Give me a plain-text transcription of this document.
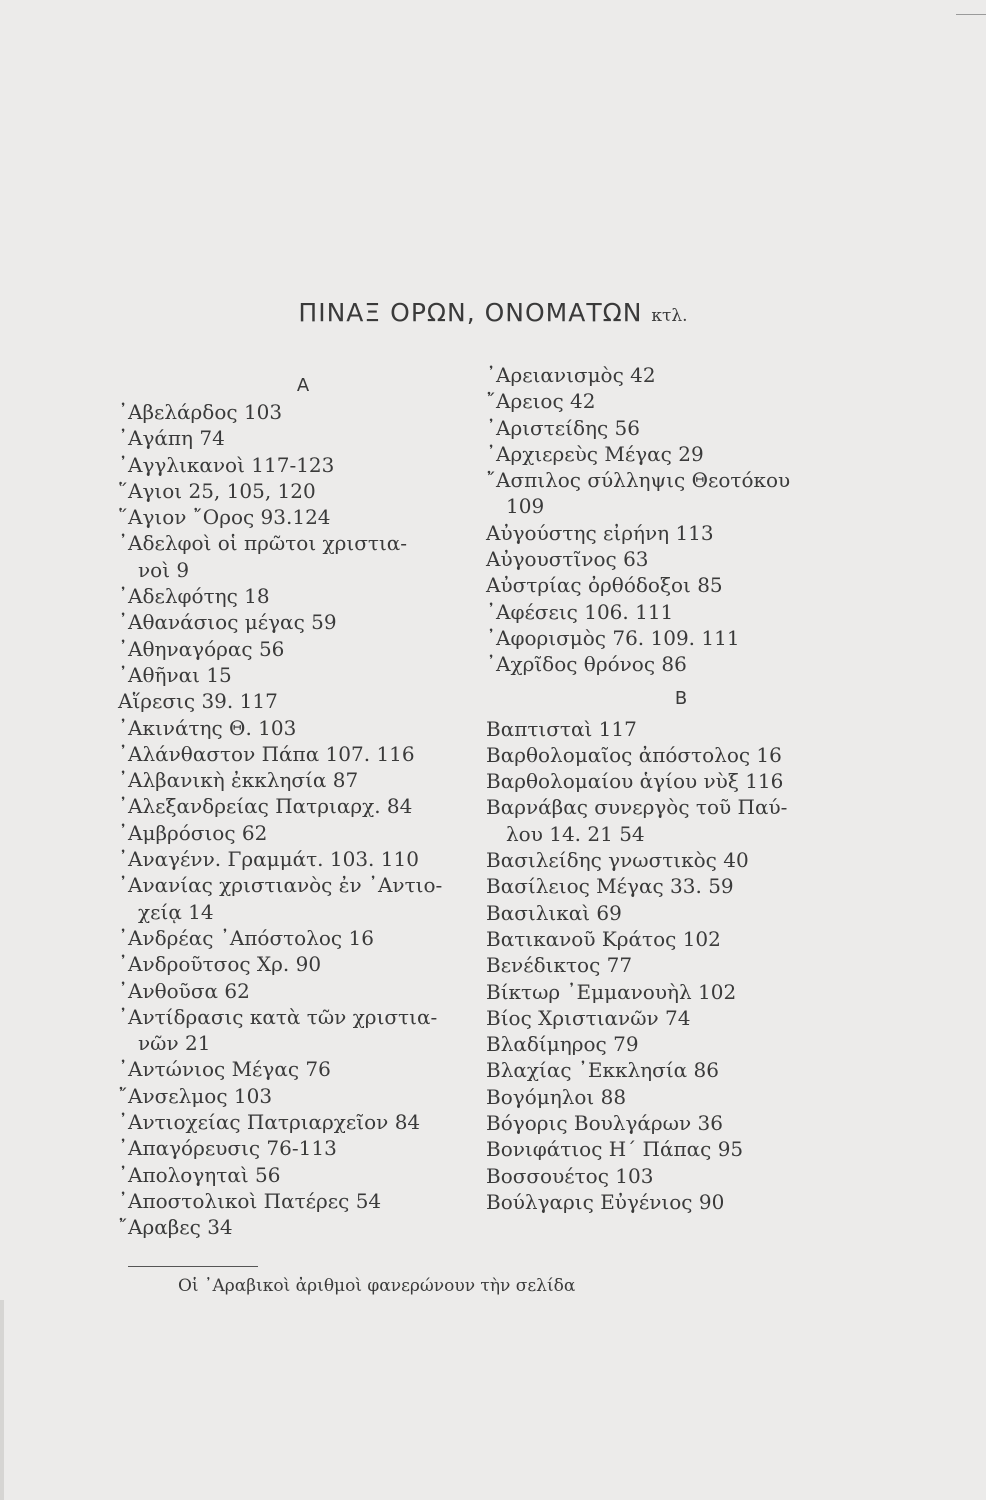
ΠΙΝΑΞ ΟΡΩΝ, ΟΝΟΜΑΤΩΝ κτλ.
Α
᾿Αβελάρδος 103
᾿Αγάπη 74
᾿Αγγλικανοὶ 117-123
῞Αγιοι 25, 105, 120
῞Αγιον ῎Ορος 93.124
᾿Αδελφοὶ οἱ πρῶτοι χριστια-
νοὶ 9
᾿Αδελφότης 18
᾿Αθανάσιος μέγας 59
᾿Αθηναγόρας 56
᾿Αθῆναι 15
Αἵρεσις 39. 117
᾿Ακινάτης Θ. 103
᾿Αλάνθαστον Πάπα 107. 116
᾿Αλβανικὴ ἐκκλησία 87
᾿Αλεξανδρείας Πατριαρχ. 84
᾿Αμβρόσιος 62
᾿Αναγένν. Γραμμάτ. 103. 110
᾿Ανανίας χριστιανὸς ἐν ᾿Αντιο-
χείᾳ 14
᾿Ανδρέας ᾿Απόστολος 16
᾿Ανδροῦτσος Χρ. 90
᾿Ανθοῦσα 62
᾿Αντίδρασις κατὰ τῶν χριστια-
νῶν 21
᾿Αντώνιος Μέγας 76
῎Ανσελμος 103
᾿Αντιοχείας Πατριαρχεῖον 84
᾿Απαγόρευσις 76-113
᾿Απολογηταὶ 56
᾿Αποστολικοὶ Πατέρες 54
῎Αραβες 34
᾿Αρειανισμὸς 42
῎Αρειος 42
᾿Αριστείδης 56
᾿Αρχιερεὺς Μέγας 29
῎Ασπιλος σύλληψις Θεοτόκου
109
Αὐγούστης εἰρήνη 113
Αὐγουστῖνος 63
Αὐστρίας ὀρθόδοξοι 85
᾿Αφέσεις 106. 111
᾿Αφορισμὸς 76. 109. 111
᾿Αχρῖδος θρόνος 86
Β
Βαπτισταὶ 117
Βαρθολομαῖος ἀπόστολος 16
Βαρθολομαίου ἁγίου νὺξ 116
Βαρνάβας συνεργὸς τοῦ Παύ-
λου 14. 21 54
Βασιλείδης γνωστικὸς 40
Βασίλειος Μέγας 33. 59
Βασιλικαὶ 69
Βατικανοῦ Κράτος 102
Βενέδικτος 77
Βίκτωρ ᾿Εμμανουὴλ 102
Βίος Χριστιανῶν 74
Βλαδίμηρος 79
Βλαχίας ᾿Εκκλησία 86
Βογόμηλοι 88
Βόγορις Βουλγάρων 36
Βονιφάτιος Η΄ Πάπας 95
Βοσσουέτος 103
Βούλγαρις Εὐγένιος 90
Οἱ ᾿Αραβικοὶ ἀριθμοὶ φανερώνουν τὴν σελίδα
